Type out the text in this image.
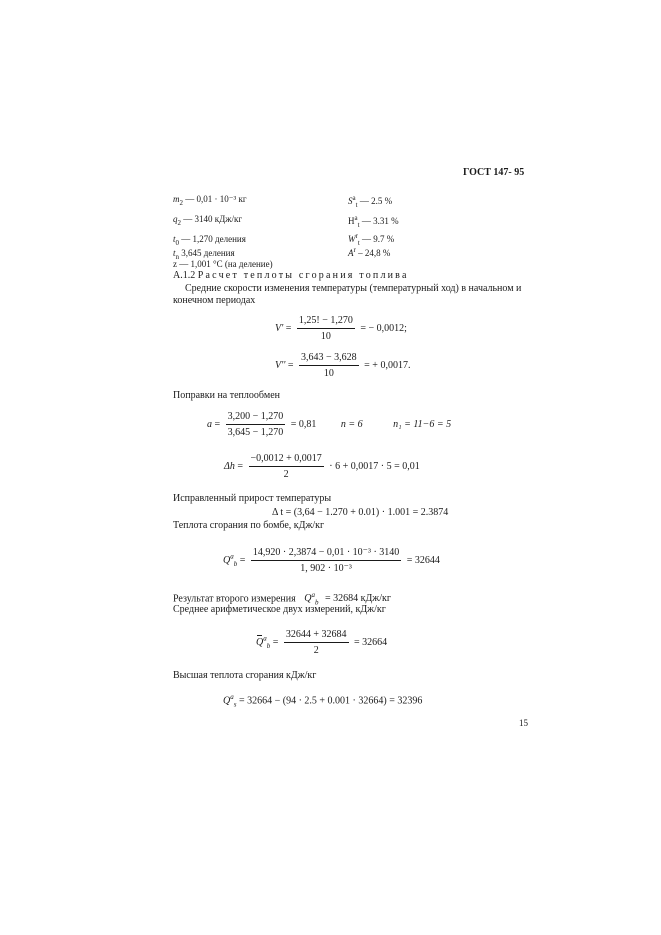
ГОСТ 147- 95
$m_2$ — 0,01 · 10⁻³ кг
$q_2$ — 3140 кДж/кг
$t_0$ — 1,270 деления
$t_n$ 3,645 деления
$S^a_t$ — 2.5 %
$H^a_t$ — 3.31 %
$W^r_t$ — 9.7 %
$A^r - 24,8$ %
z — 1,001 °C (на деление)
А.1.2 Расчет теплоты сгорания топлива
Средние скорости изменения температуры (температурный ход) в начальном и конечном периодах
$V' = \frac{1,25! - 1,270}{10}$ = − 0,0012;
$V'' = \frac{3,643 - 3,628}{10}$ = + 0,0017.
Поправки на теплообмен
$a = \frac{3,200 - 1,270}{3,645 - 1,270} = 0,81$ n = 6	n₁ = 11−6 = 5
$\Delta h = \frac{-0,0012 + 0,0017}{2} \cdot 6 + 0,0017 \cdot 5 = 0,01$
Исправленный прирост температуры
Δ t = (3,64 − 1.270 + 0.01) · 1.001 = 2.3874
Теплота сгорания по бомбе, кДж/кг
$Q^a_b = \frac{\text{14,920 · 2,3874 − 0,01 · 10⁻³ · 3140}}{\text{1, 902 · 10⁻³}} = 32644$
Результат второго измерения $Q^a_b = 32684$ кДж/кг
Среднее арифметическое двух измерений, кДж/кг
$Q^a_b = \frac{32644 + 32684}{2} = 32664$
Высшая теплота сгорания кДж/кг
$Q^a_s = 32664 - (94 \cdot 2.5 + 0.001 \cdot 32664) = 32396$
15
